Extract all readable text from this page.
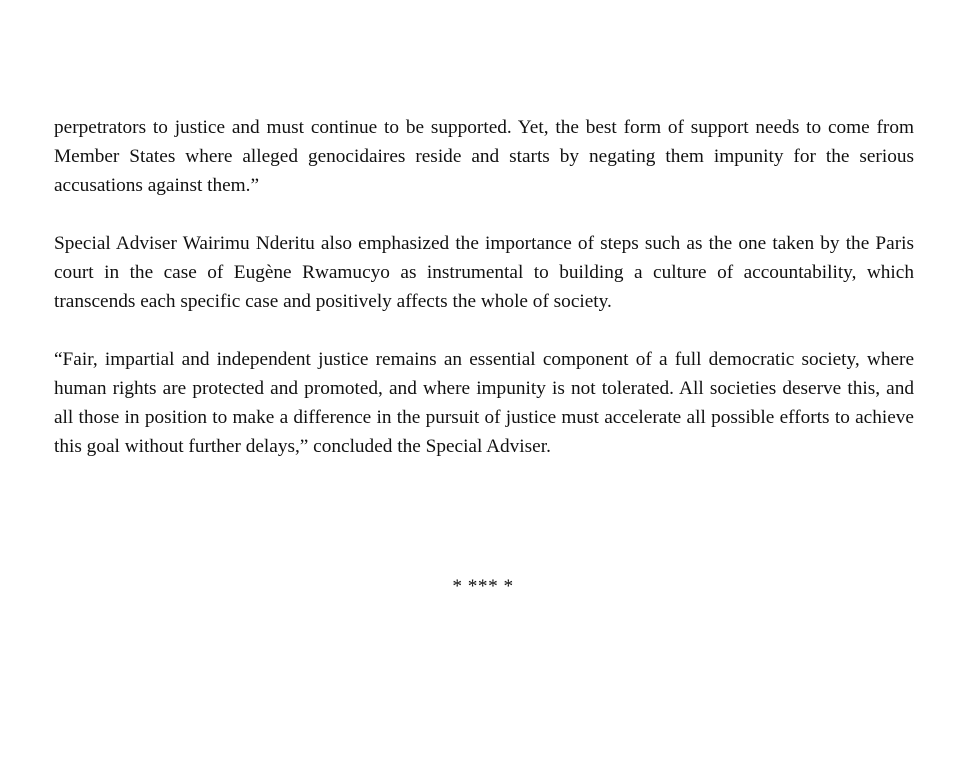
perpetrators to justice and must continue to be supported. Yet, the best form of support needs to come from Member States where alleged genocidaires reside and starts by negating them impunity for the serious accusations against them.”

Special Adviser Wairimu Nderitu also emphasized the importance of steps such as the one taken by the Paris court in the case of Eugène Rwamucyo as instrumental to building a culture of accountability, which transcends each specific case and positively affects the whole of society.

“Fair, impartial and independent justice remains an essential component of a full democratic society, where human rights are protected and promoted, and where impunity is not tolerated. All societies deserve this, and all those in position to make a difference in the pursuit of justice must accelerate all possible efforts to achieve this goal without further delays,” concluded the Special Adviser.

* *** *
